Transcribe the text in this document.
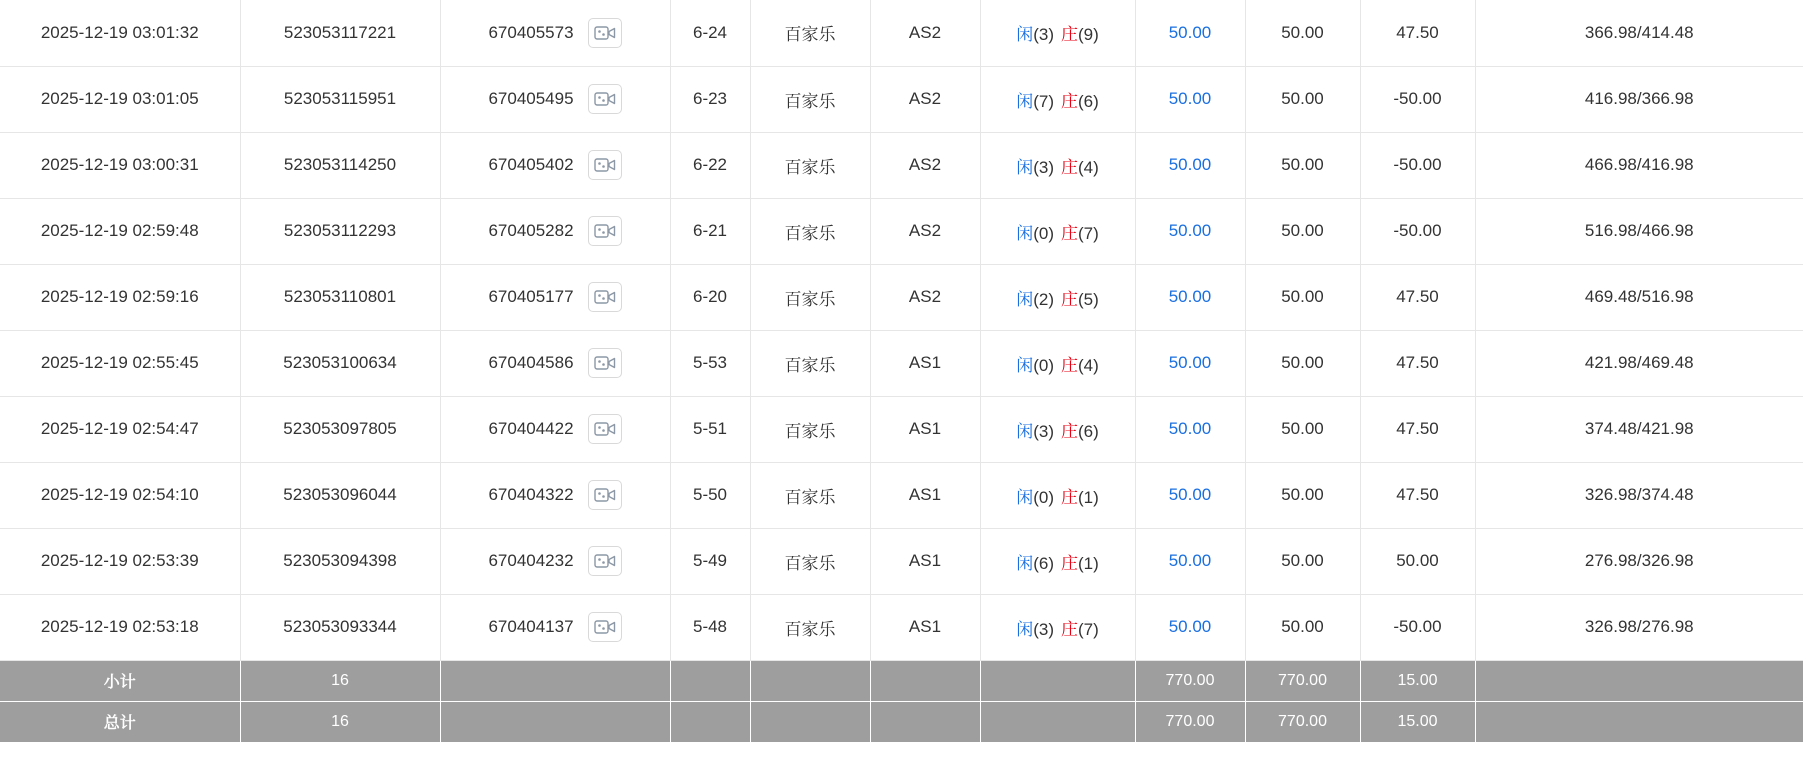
2025-12-19 03:01:32	523053117221	670405573	6-24	百家乐	AS2	闲(3) 庄(9)	50.00	50.00	47.50	366.98/414.48
2025-12-19 03:01:05	523053115951	670405495	6-23	百家乐	AS2	闲(7) 庄(6)	50.00	50.00	-50.00	416.98/366.98
2025-12-19 03:00:31	523053114250	670405402	6-22	百家乐	AS2	闲(3) 庄(4)	50.00	50.00	-50.00	466.98/416.98
2025-12-19 02:59:48	523053112293	670405282	6-21	百家乐	AS2	闲(0) 庄(7)	50.00	50.00	-50.00	516.98/466.98
2025-12-19 02:59:16	523053110801	670405177	6-20	百家乐	AS2	闲(2) 庄(5)	50.00	50.00	47.50	469.48/516.98
2025-12-19 02:55:45	523053100634	670404586	5-53	百家乐	AS1	闲(0) 庄(4)	50.00	50.00	47.50	421.98/469.48
2025-12-19 02:54:47	523053097805	670404422	5-51	百家乐	AS1	闲(3) 庄(6)	50.00	50.00	47.50	374.48/421.98
2025-12-19 02:54:10	523053096044	670404322	5-50	百家乐	AS1	闲(0) 庄(1)	50.00	50.00	47.50	326.98/374.48
2025-12-19 02:53:39	523053094398	670404232	5-49	百家乐	AS1	闲(6) 庄(1)	50.00	50.00	50.00	276.98/326.98
2025-12-19 02:53:18	523053093344	670404137	5-48	百家乐	AS1	闲(3) 庄(7)	50.00	50.00	-50.00	326.98/276.98
小计	16						770.00	770.00	15.00	
总计	16						770.00	770.00	15.00	
